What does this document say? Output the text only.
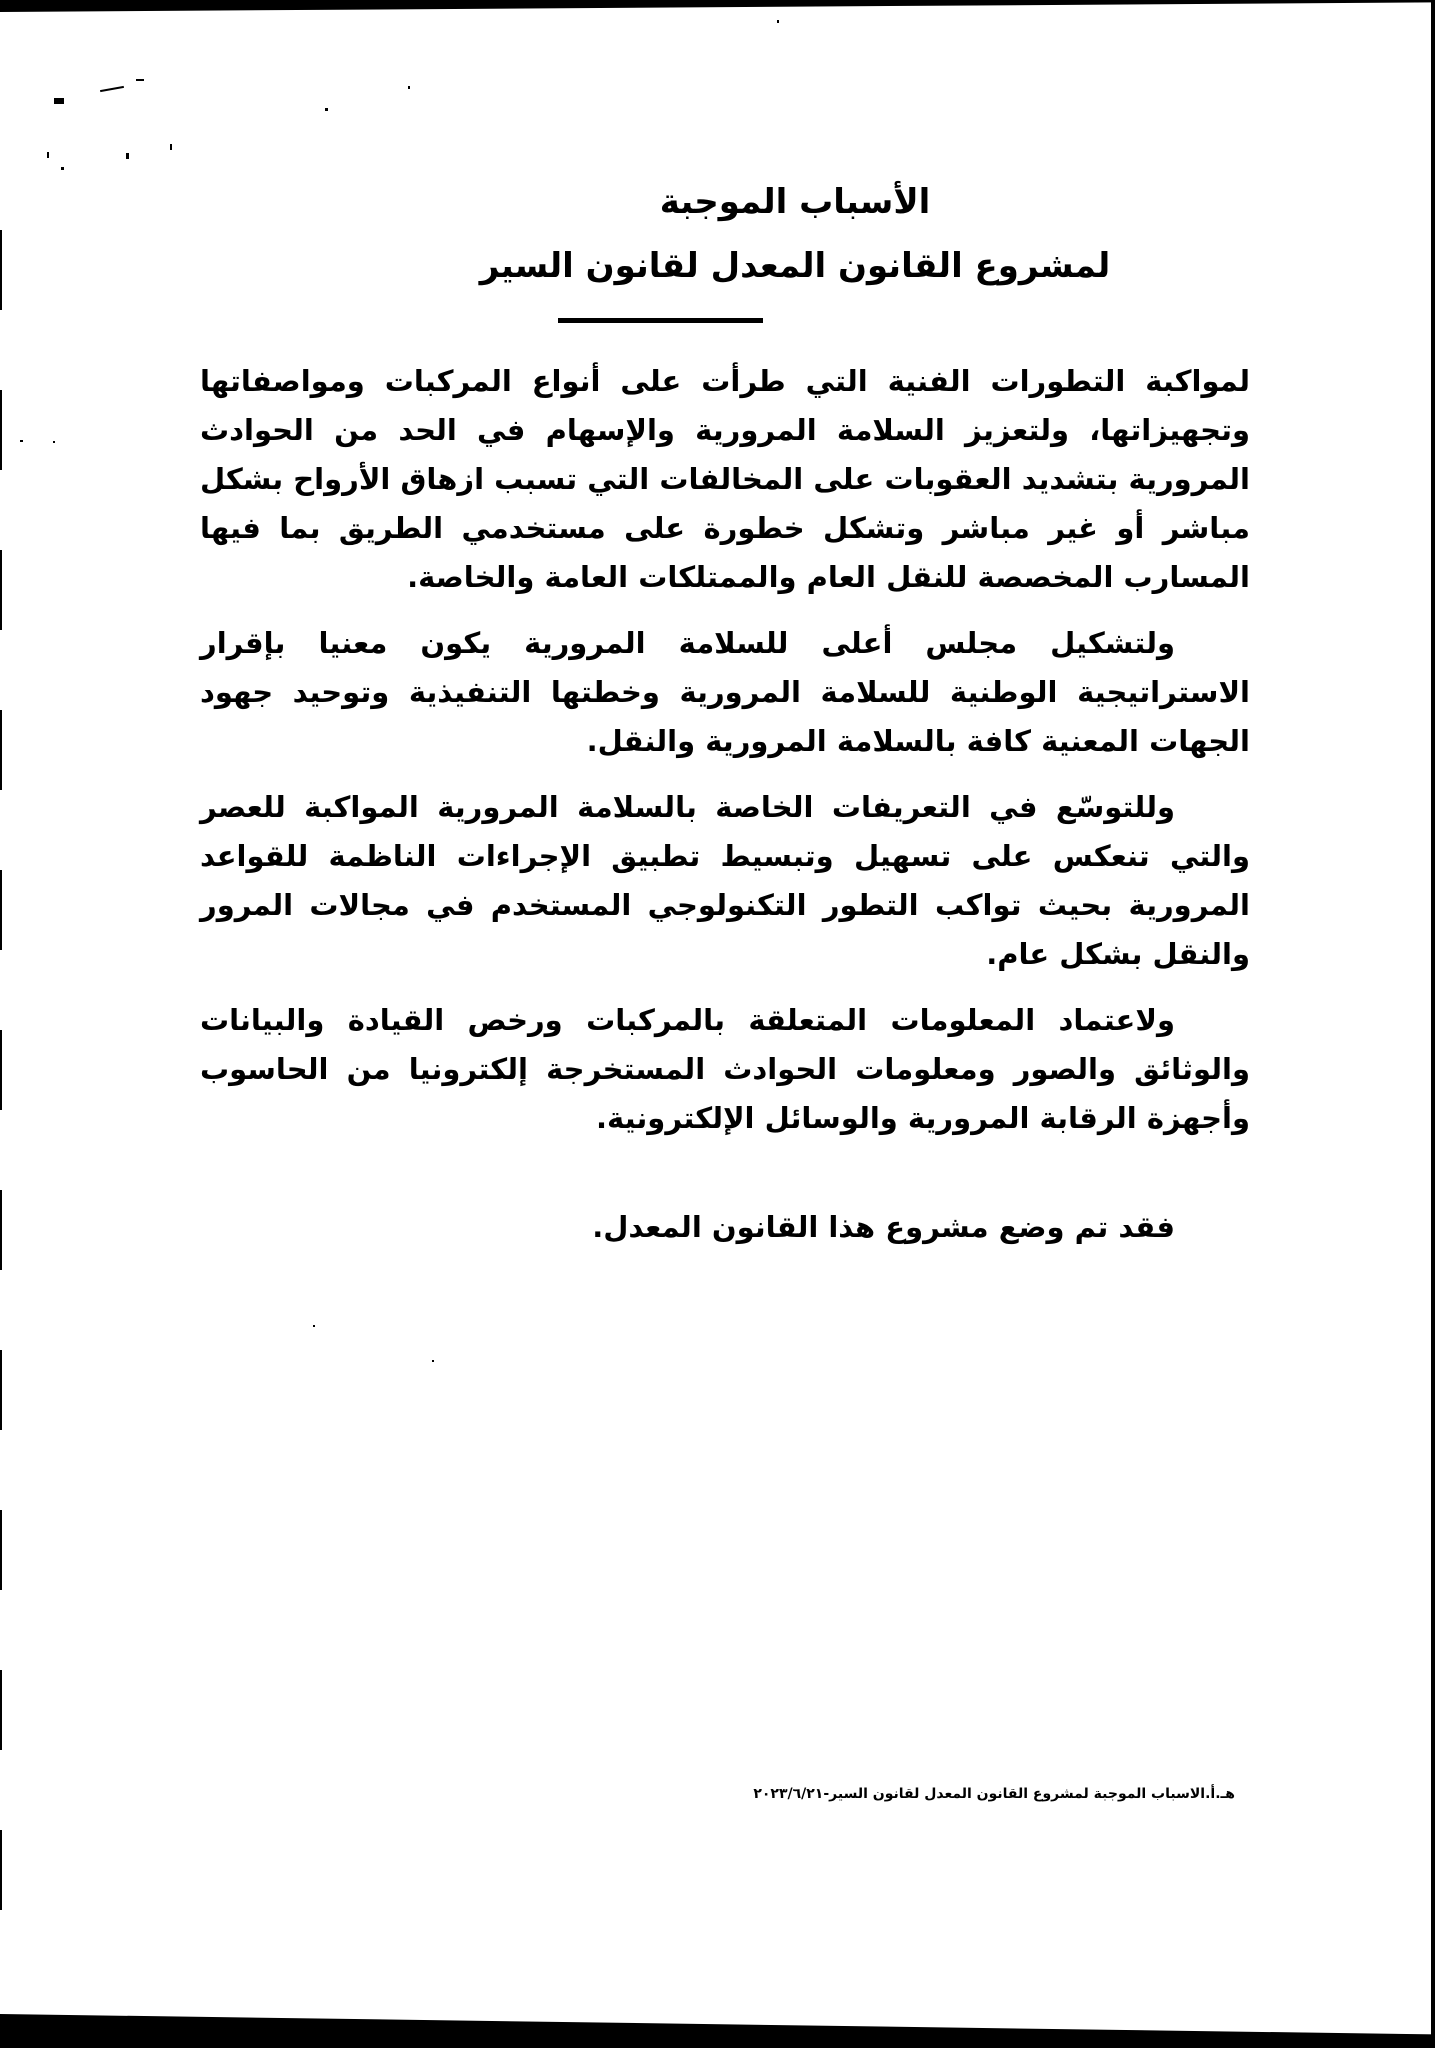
الأسباب الموجبة
لمشروع القانون المعدل لقانون السير

لمواكبة التطورات الفنية التي طرأت على أنواع المركبات ومواصفاتها وتجهيزاتها، ولتعزيز السلامة المرورية والإسهام في الحد من الحوادث المرورية بتشديد العقوبات على المخالفات التي تسبب ازهاق الأرواح بشكل مباشر أو غير مباشر وتشكل خطورة على مستخدمي الطريق بما فيها المسارب المخصصة للنقل العام والممتلكات العامة والخاصة.

ولتشكيل مجلس أعلى للسلامة المرورية يكون معنيا بإقرار الاستراتيجية الوطنية للسلامة المرورية وخطتها التنفيذية وتوحيد جهود الجهات المعنية كافة بالسلامة المرورية والنقل.

وللتوسّع في التعريفات الخاصة بالسلامة المرورية المواكبة للعصر والتي تنعكس على تسهيل وتبسيط تطبيق الإجراءات الناظمة للقواعد المرورية بحيث تواكب التطور التكنولوجي المستخدم في مجالات المرور والنقل بشكل عام.

ولاعتماد المعلومات المتعلقة بالمركبات ورخص القيادة والبيانات والوثائق والصور ومعلومات الحوادث المستخرجة إلكترونيا من الحاسوب وأجهزة الرقابة المرورية والوسائل الإلكترونية.

فقد تم وضع مشروع هذا القانون المعدل.

هـ.أ.الاسباب الموجبة لمشروع القانون المعدل لقانون السير-٢٠٢٣/٦/٢١
